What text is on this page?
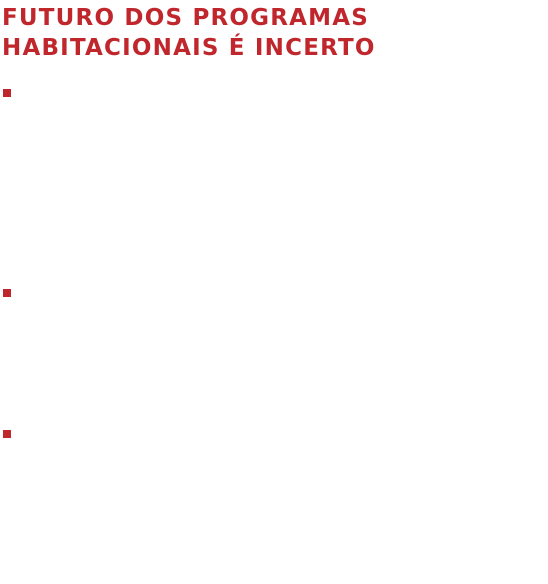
FUTURO DOS PROGRAMAS
HABITACIONAIS É INCERTO
